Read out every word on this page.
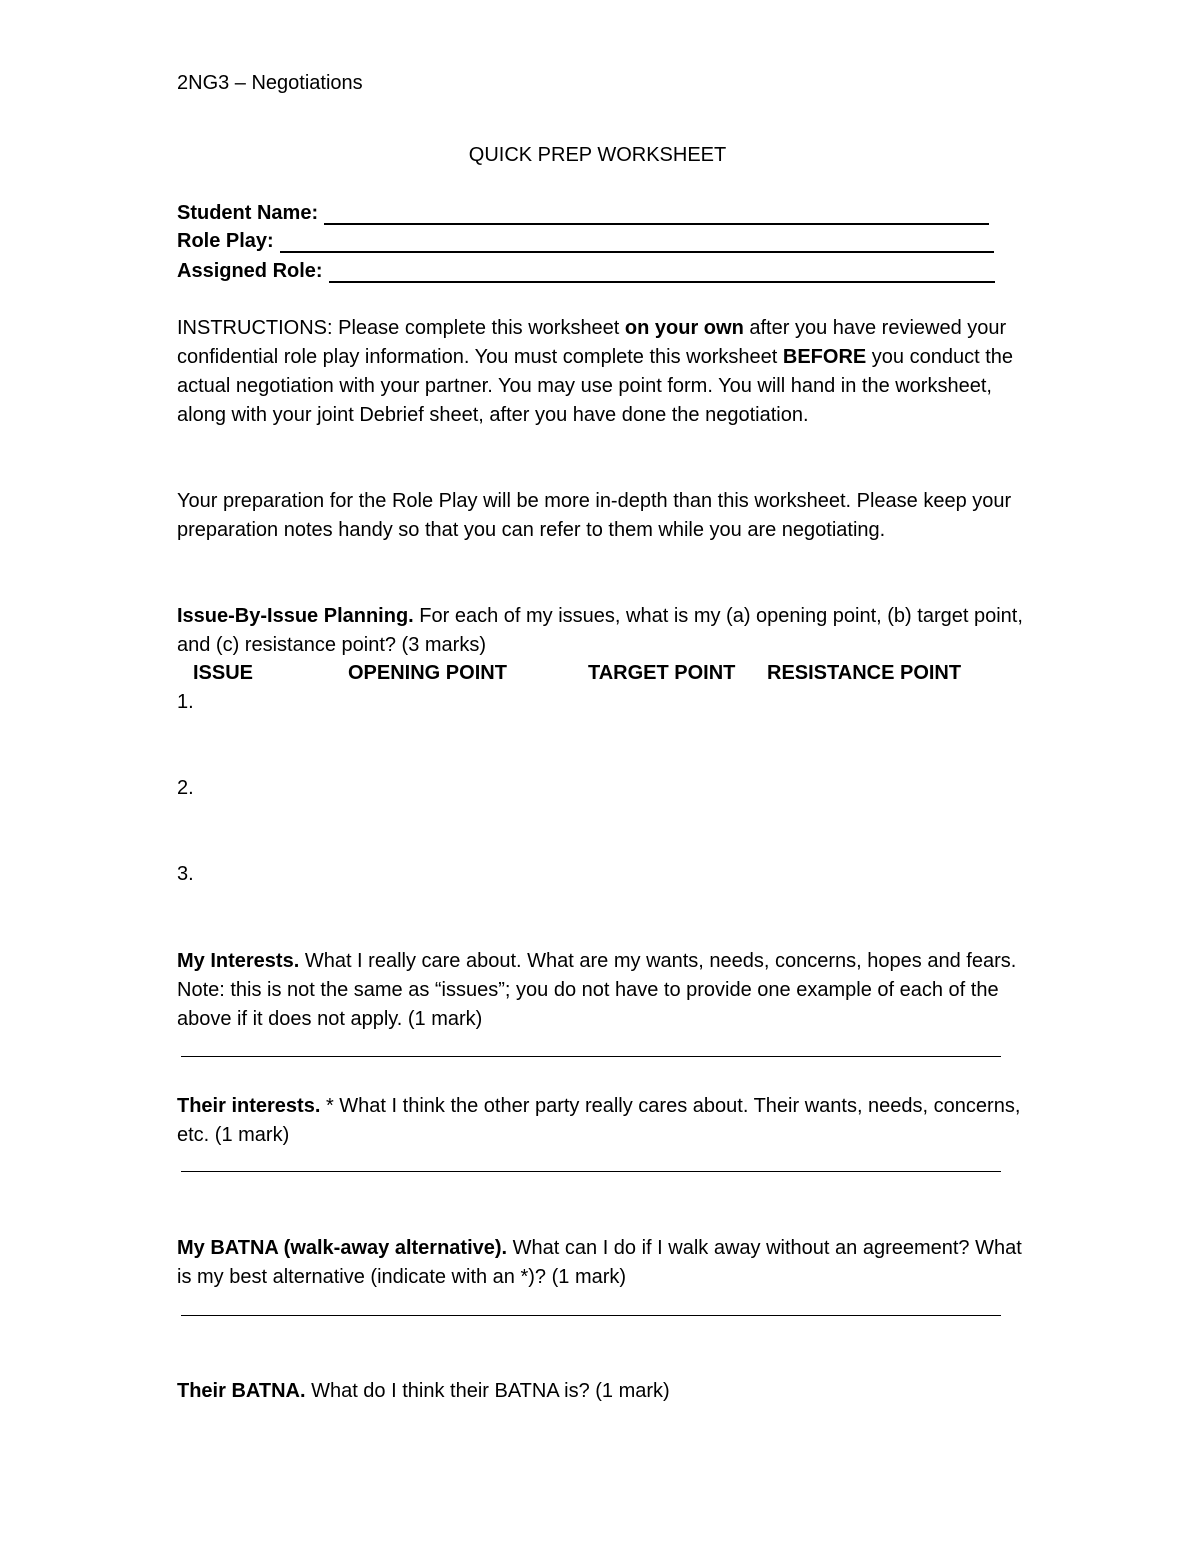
2NG3 – Negotiations
QUICK PREP WORKSHEET
Student Name:
Role Play:
Assigned Role:
INSTRUCTIONS: Please complete this worksheet on your own after you have reviewed your confidential role play information. You must complete this worksheet BEFORE you conduct the actual negotiation with your partner. You may use point form. You will hand in the worksheet, along with your joint Debrief sheet, after you have done the negotiation.
Your preparation for the Role Play will be more in-depth than this worksheet. Please keep your preparation notes handy so that you can refer to them while you are negotiating.
Issue-By-Issue Planning. For each of my issues, what is my (a) opening point, (b) target point, and (c) resistance point? (3 marks)
ISSUE	OPENING POINT	TARGET POINT RESISTANCE POINT
1.
2.
3.
My Interests. What I really care about. What are my wants, needs, concerns, hopes and fears. Note: this is not the same as “issues”; you do not have to provide one example of each of the above if it does not apply. (1 mark)
Their interests. * What I think the other party really cares about. Their wants, needs, concerns, etc. (1 mark)
My BATNA (walk-away alternative). What can I do if I walk away without an agreement? What is my best alternative (indicate with an *)? (1 mark)
Their BATNA. What do I think their BATNA is? (1 mark)
